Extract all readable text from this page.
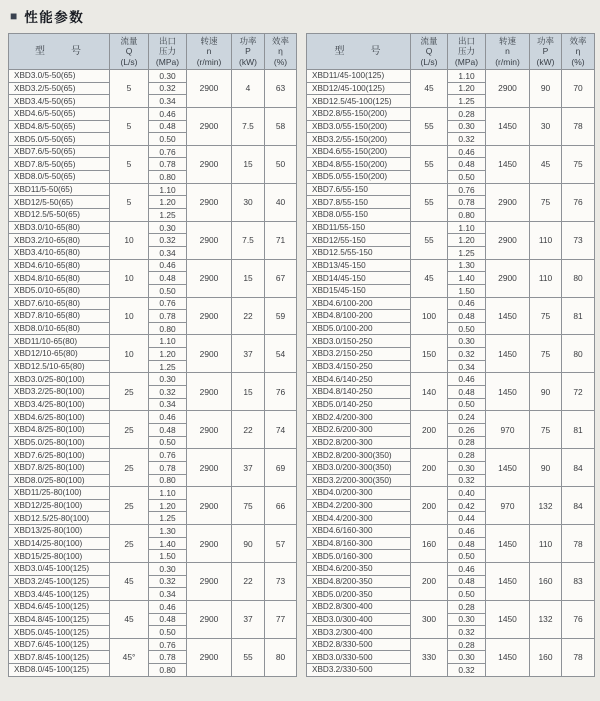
■ 性能参数
型　　号	流量
Q
(L/s)	出口
压力
(MPa)	转速
n
(r/min)	功率
P
(kW)	效率
η
(%)

XBD3.0/5-50(65)	5	0.30	2900	4	63
XBD3.2/5-50(65)		0.32			
XBD3.4/5-50(65)		0.34			
XBD4.6/5-50(65)	5	0.46	2900	7.5	58
XBD4.8/5-50(65)		0.48			
XBD5.0/5-50(65)		0.50			
XBD7.6/5-50(65)	5	0.76	2900	15	50
XBD7.8/5-50(65)		0.78			
XBD8.0/5-50(65)		0.80			
XBD11/5-50(65)	5	1.10	2900	30	40
XBD12/5-50(65)		1.20			
XBD12.5/5-50(65)		1.25			
XBD3.0/10-65(80)	10	0.30	2900	7.5	71
XBD3.2/10-65(80)		0.32			
XBD3.4/10-65(80)		0.34			
XBD4.6/10-65(80)	10	0.46	2900	15	67
XBD4.8/10-65(80)		0.48			
XBD5.0/10-65(80)		0.50			
XBD7.6/10-65(80)	10	0.76	2900	22	59
XBD7.8/10-65(80)		0.78			
XBD8.0/10-65(80)		0.80			
XBD11/10-65(80)	10	1.10	2900	37	54
XBD12/10-65(80)		1.20			
XBD12.5/10-65(80)		1.25			
XBD3.0/25-80(100)	25	0.30	2900	15	76
XBD3.2/25-80(100)		0.32			
XBD3.4/25-80(100)		0.34			
XBD4.6/25-80(100)	25	0.46	2900	22	74
XBD4.8/25-80(100)		0.48			
XBD5.0/25-80(100)		0.50			
XBD7.6/25-80(100)	25	0.76	2900	37	69
XBD7.8/25-80(100)		0.78			
XBD8.0/25-80(100)		0.80			
XBD11/25-80(100)	25	1.10	2900	75	66
XBD12/25-80(100)		1.20			
XBD12.5/25-80(100)		1.25			
XBD13/25-80(100)	25	1.30	2900	90	57
XBD14/25-80(100)		1.40			
XBD15/25-80(100)		1.50			
XBD3.0/45-100(125)	45	0.30	2900	22	73
XBD3.2/45-100(125)		0.32			
XBD3.4/45-100(125)		0.34			
XBD4.6/45-100(125)	45	0.46	2900	37	77
XBD4.8/45-100(125)		0.48			
XBD5.0/45-100(125)		0.50			
XBD7.6/45-100(125)	45°	0.76	2900	55	80
XBD7.8/45-100(125)		0.78			
XBD8.0/45-100(125)		0.80			
型　　号	流量
Q
(L/s)	出口
压力
(MPa)	转速
n
(r/min)	功率
P
(kW)	效率
η
(%)

XBD11/45-100(125)	45	1.10	2900	90	70
XBD12/45-100(125)		1.20			
XBD12.5/45-100(125)		1.25			
XBD2.8/55-150(200)	55	0.28	1450	30	78
XBD3.0/55-150(200)		0.30			
XBD3.2/55-150(200)		0.32			
XBD4.6/55-150(200)	55	0.46	1450	45	75
XBD4.8/55-150(200)		0.48			
XBD5.0/55-150(200)		0.50			
XBD7.6/55-150	55	0.76	2900	75	76
XBD7.8/55-150		0.78			
XBD8.0/55-150		0.80			
XBD11/55-150	55	1.10	2900	110	73
XBD12/55-150		1.20			
XBD12.5/55-150		1.25			
XBD13/45-150	45	1.30	2900	110	80
XBD14/45-150		1.40			
XBD15/45-150		1.50			
XBD4.6/100-200	100	0.46	1450	75	81
XBD4.8/100-200		0.48			
XBD5.0/100-200		0.50			
XBD3.0/150-250	150	0.30	1450	75	80
XBD3.2/150-250		0.32			
XBD3.4/150-250		0.34			
XBD4.6/140-250	140	0.46	1450	90	72
XBD4.8/140-250		0.48			
XBD5.0/140-250		0.50			
XBD2.4/200-300	200	0.24	970	75	81
XBD2.6/200-300		0.26			
XBD2.8/200-300		0.28			
XBD2.8/200-300(350)	200	0.28	1450	90	84
XBD3.0/200-300(350)		0.30			
XBD3.2/200-300(350)		0.32			
XBD4.0/200-300	200	0.40	970	132	84
XBD4.2/200-300		0.42			
XBD4.4/200-300		0.44			
XBD4.6/160-300	160	0.46	1450	110	78
XBD4.8/160-300		0.48			
XBD5.0/160-300		0.50			
XBD4.6/200-350	200	0.46	1450	160	83
XBD4.8/200-350		0.48			
XBD5.0/200-350		0.50			
XBD2.8/300-400	300	0.28	1450	132	76
XBD3.0/300-400		0.30			
XBD3.2/300-400		0.32			
XBD2.8/330-500	330	0.28	1450	160	78
XBD3.0/330-500		0.30			
XBD3.2/330-500		0.32			
